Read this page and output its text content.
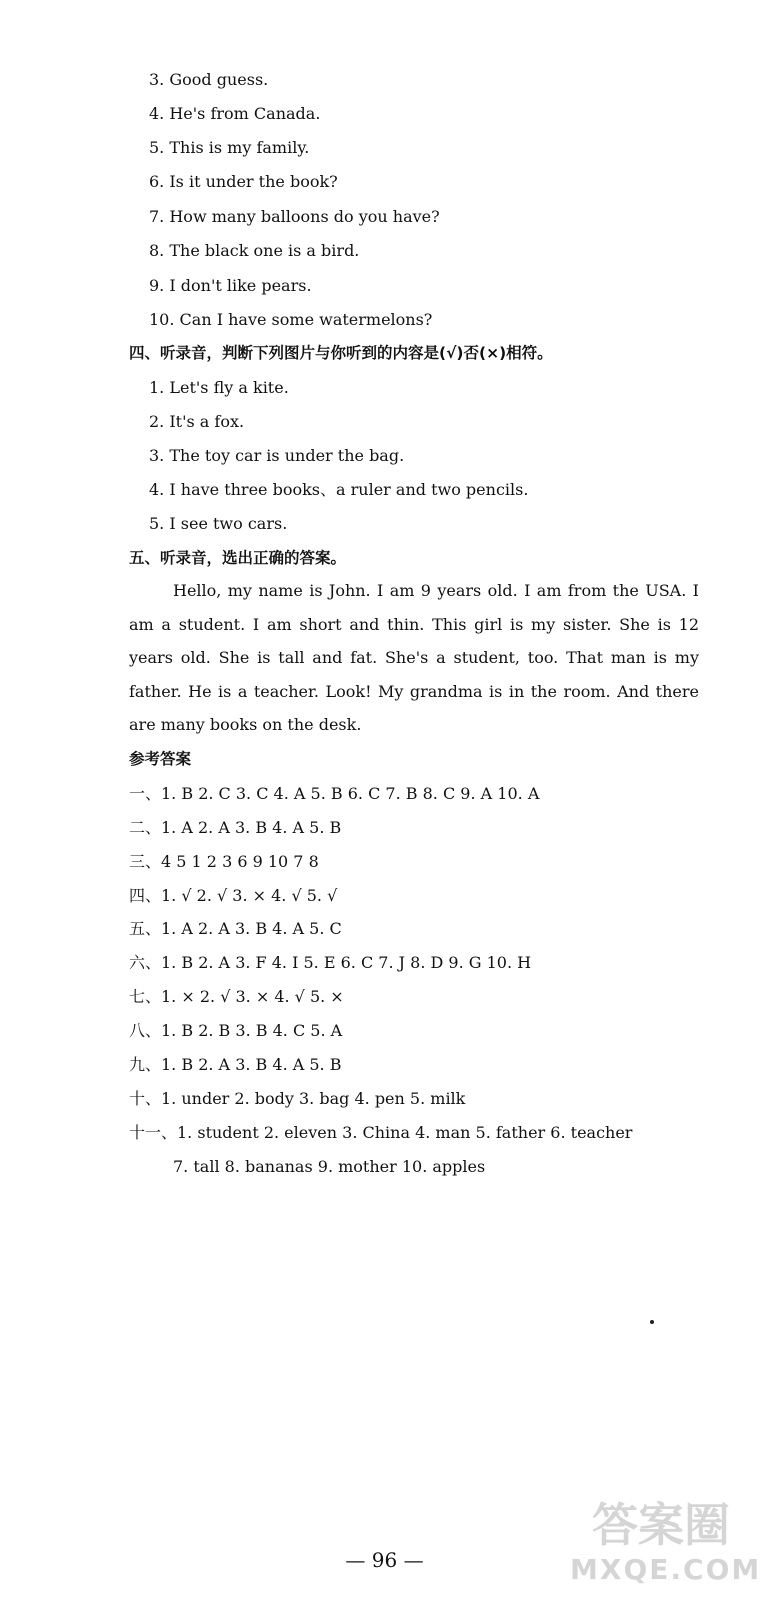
3. Good guess.
4. He's from Canada.
5. This is my family.
6. Is it under the book?
7. How many balloons do you have?
8. The black one is a bird.
9. I don't like pears.
10. Can I have some watermelons?
四、听录音，判断下列图片与你听到的内容是(√)否(×)相符。
1. Let's fly a kite.
2. It's a fox.
3. The toy car is under the bag.
4. I have three books、a ruler and two pencils.
5. I see two cars.
五、听录音，选出正确的答案。
Hello, my name is John. I am 9 years old. I am from the USA. I am a student. I am short and thin. This girl is my sister. She is 12 years old. She is tall and fat. She's a student, too. That man is my father. He is a teacher. Look! My grandma is in the room. And there are many books on the desk.
参考答案
一、1. B 2. C 3. C 4. A 5. B 6. C 7. B 8. C 9. A 10. A
二、1. A 2. A 3. B 4. A 5. B
三、4 5 1 2 3 6 9 10 7 8
四、1. √ 2. √ 3. × 4. √ 5. √
五、1. A 2. A 3. B 4. A 5. C
六、1. B 2. A 3. F 4. I 5. E 6. C 7. J 8. D 9. G 10. H
七、1. × 2. √ 3. × 4. √ 5. ×
八、1. B 2. B 3. B 4. C 5. A
九、1. B 2. A 3. B 4. A 5. B
十、1. under 2. body 3. bag 4. pen 5. milk
十一、1. student 2. eleven 3. China 4. man 5. father 6. teacher
7. tall 8. bananas 9. mother 10. apples
— 96 —
答案圈
MXQE.COM
